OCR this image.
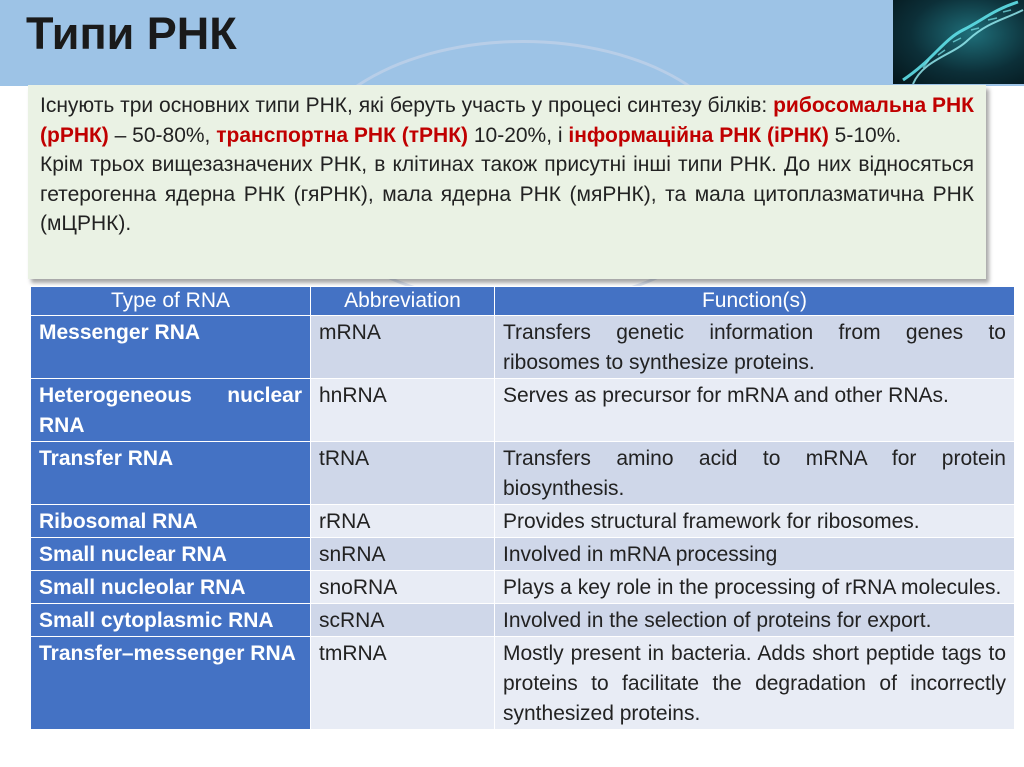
Типи РНК

Існують три основних типи РНК, які беруть участь у процесі синтезу білків: рибосомальна РНК (рРНК) – 50-80%, транспортна РНК (тРНК) 10-20%, і інформаційна РНК (іРНК) 5-10%.

Крім трьох вищезазначених РНК, в клітинах також присутні інші типи РНК. До них відносяться гетерогенна ядерна РНК (гяРНК), мала ядерна РНК (мяРНК), та мала цитоплазматична РНК (мЦРНК).

Type of RNA	Abbreviation	Function(s)
Messenger RNA	mRNA	Transfers genetic information from genes to ribosomes to synthesize proteins.
Heterogeneous nuclear RNA	hnRNA	Serves as precursor for mRNA and other RNAs.
Transfer RNA	tRNA	Transfers amino acid to mRNA for protein biosynthesis.
Ribosomal RNA	rRNA	Provides structural framework for ribosomes.
Small nuclear RNA	snRNA	Involved in mRNA processing
Small nucleolar RNA	snoRNA	Plays a key role in the processing of rRNA molecules.
Small cytoplasmic RNA	scRNA	Involved in the selection of proteins for export.
Transfer–messenger RNA	tmRNA	Mostly present in bacteria. Adds short peptide tags to proteins to facilitate the degradation of incorrectly synthesized proteins.
